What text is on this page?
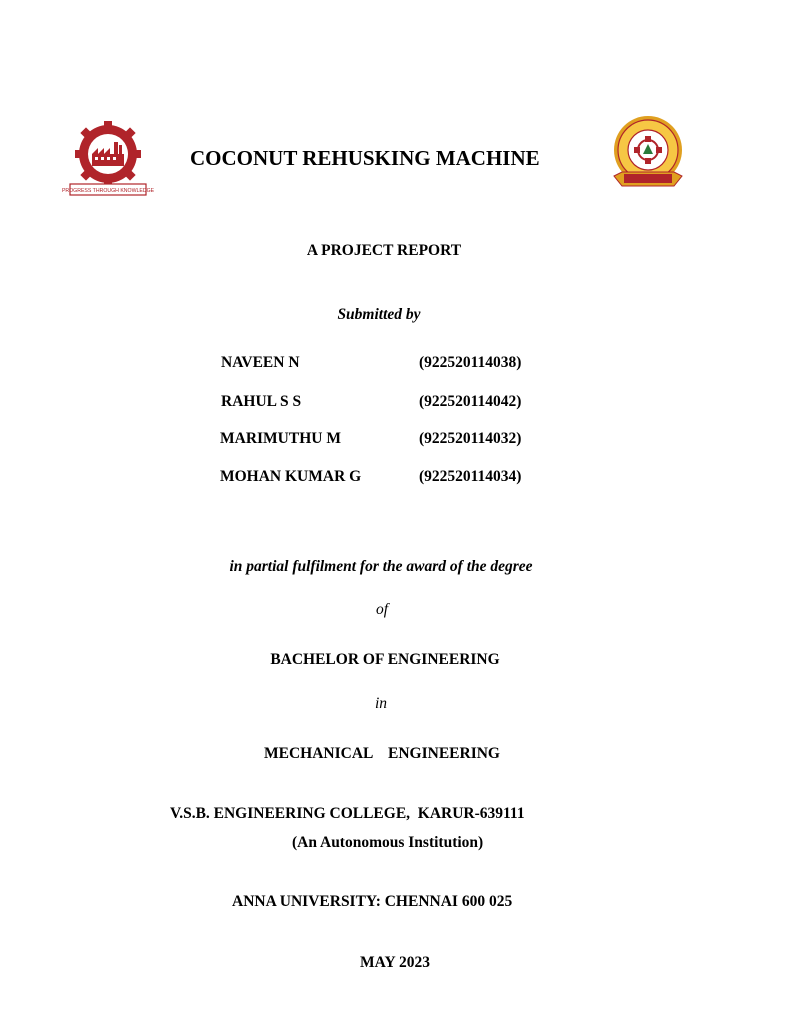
PROGRESS THROUGH KNOWLEDGE
COCONUT REHUSKING MACHINE
A PROJECT REPORT
Submitted by
NAVEEN N	(922520114038)
RAHUL S S	(922520114042)
MARIMUTHU M	(922520114032)
MOHAN KUMAR G	(922520114034)
in partial fulfilment for the award of the degree
of
BACHELOR OF ENGINEERING
in
MECHANICAL    ENGINEERING
V.S.B. ENGINEERING COLLEGE,  KARUR-639111
(An Autonomous Institution)
ANNA UNIVERSITY: CHENNAI 600 025
MAY 2023
